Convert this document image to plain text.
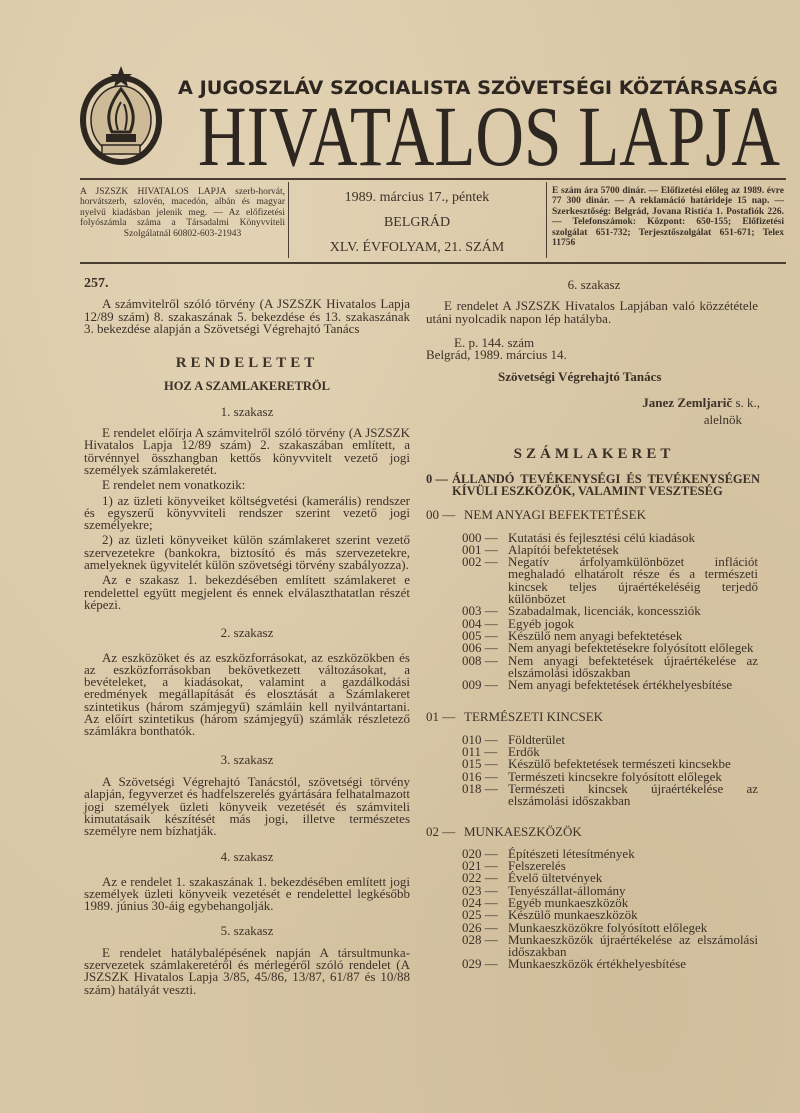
A JUGOSZLÁV SZOCIALISTA SZÖVETSÉGI KÖZTÁRSASÁG
HIVATALOS LAPJA
A JSZSZK HIVATALOS LAPJA szerb-horvát, horvátszerb, szlovén, macedón, albán és magyar nyelvű kiadásban jelenik meg. — Az előfizetési folyószámla száma a Társadalmi Könyvviteli Szolgálatnál 60802-603-21943
1989. március 17., péntek
BELGRÁD
XLV. ÉVFOLYAM, 21. SZÁM
E szám ára 5700 dinár. — Előfizetési előleg az 1989. évre 77 300 dinár. — A reklamáció határideje 15 nap. — Szerkesztőség: Belgrád, Jovana Ristića 1. Postafiók 226. — Telefonszámok: Központ: 650-155; Előfizetési szolgálat 651-732; Terjesztőszolgálat 651-671; Telex 11756
257.

A számvitelről szóló törvény (A JSZSZK Hivatalos Lapja 12/89 szám) 8. szakaszának 5. bekezdése és 13. szakaszának 3. bekezdése alapján a Szövetségi Végrehajtó Tanács

RENDELETET
HOZ A SZAMLAKERETRÖL
1. szakasz

E rendelet előírja A számvitelről szóló törvény (A JSZSZK Hivatalos Lapja 12/89 szám) 2. szakaszában említett, a törvénnyel összhangban kettős könyvvitelt vezető jogi személyek számlakeretét.

E rendelet nem vonatkozik:

1) az üzleti könyveiket költségvetési (kamerális) rendszer és egyszerű könyvviteli rendszer szerint vezető jogi személyekre;

2) az üzleti könyveiket külön számlakeret szerint vezető szervezetekre (bankokra, biztosító és más szervezetekre, amelyeknek ügyvitelét külön szövetségi törvény szabályozza).

Az e szakasz 1. bekezdésében említett számlakeret e rendelettel együtt megjelent és ennek elválaszthatatlan részét képezi.

2. szakasz

Az eszközöket és az eszközforrásokat, az eszközökben és az eszközforrásokban bekövetkezett változásokat, a bevételeket, a kiadásokat, valamint a gazdálkodási eredmények megállapítását és elosztását a Számlakeret szintetikus (három számjegyű) számláin kell nyilvántartani. Az előírt szintetikus (három számjegyű) számlák részletező számlákra bonthatók.

3. szakasz

A Szövetségi Végrehajtó Tanácstól, szövetségi törvény alapján, fegyverzet és hadfelszerelés gyártására felhatalmazott jogi személyek üzleti könyveik vezetését és számviteli kimutatásaik készítését más jogi, illetve természetes személyre nem bízhatják.

4. szakasz

Az e rendelet 1. szakaszának 1. bekezdésében említett jogi személyek üzleti könyveik vezetését e rendelettel legkésőbb 1989. június 30-áig egybehangolják.

5. szakasz

E rendelet hatálybalépésének napján A társultmunka-szervezetek számlakeretéről és mérlegéről szóló rendelet (A JSZSZK Hivatalos Lapja 3/85, 45/86, 13/87, 61/87 és 10/88 szám) hatályát veszti.

6. szakasz

E rendelet A JSZSZK Hivatalos Lapjában való közzététele utáni nyolcadik napon lép hatályba.

E. p. 144. szám
Belgrád, 1989. március 14.
Szövetségi Végrehajtó Tanács
Janez Zemljarič s. k.,
alelnök
SZÁMLAKERET
0 — ÁLLANDÓ TEVÉKENYSÉGI ÉS TEVÉKENYSÉGEN KÍVÜLI ESZKÖZÖK, VALAMINT VESZTESÉG
00 — NEM ANYAGI BEFEKTETÉSEK
000 — Kutatási és fejlesztési célú kiadások
001 — Alapítói befektetések
002 — Negatív árfolyamkülönbözet inflációt meghaladó elhatárolt része és a természeti kincsek teljes újraértékeléséig terjedő különbözet
003 — Szabadalmak, licenciák, koncessziók
004 — Egyéb jogok
005 — Készülő nem anyagi befektetések
006 — Nem anyagi befektetésekre folyósított előlegek
008 — Nem anyagi befektetések újraértékelése az elszámolási időszakban
009 — Nem anyagi befektetések értékhelyesbítése
01 — TERMÉSZETI KINCSEK
010 — Földterület
011 — Erdők
015 — Készülő befektetések természeti kincsekbe
016 — Természeti kincsekre folyósított előlegek
018 — Természeti kincsek újraértékelése az elszámolási időszakban
02 — MUNKAESZKÖZÖK
020 — Építészeti létesítmények
021 — Felszerelés
022 — Évelő ültetvények
023 — Tenyészállat-állomány
024 — Egyéb munkaeszközök
025 — Készülő munkaeszközök
026 — Munkaeszközökre folyósított előlegek
028 — Munkaeszközök újraértékelése az elszámolási időszakban
029 — Munkaeszközök értékhelyesbítése
